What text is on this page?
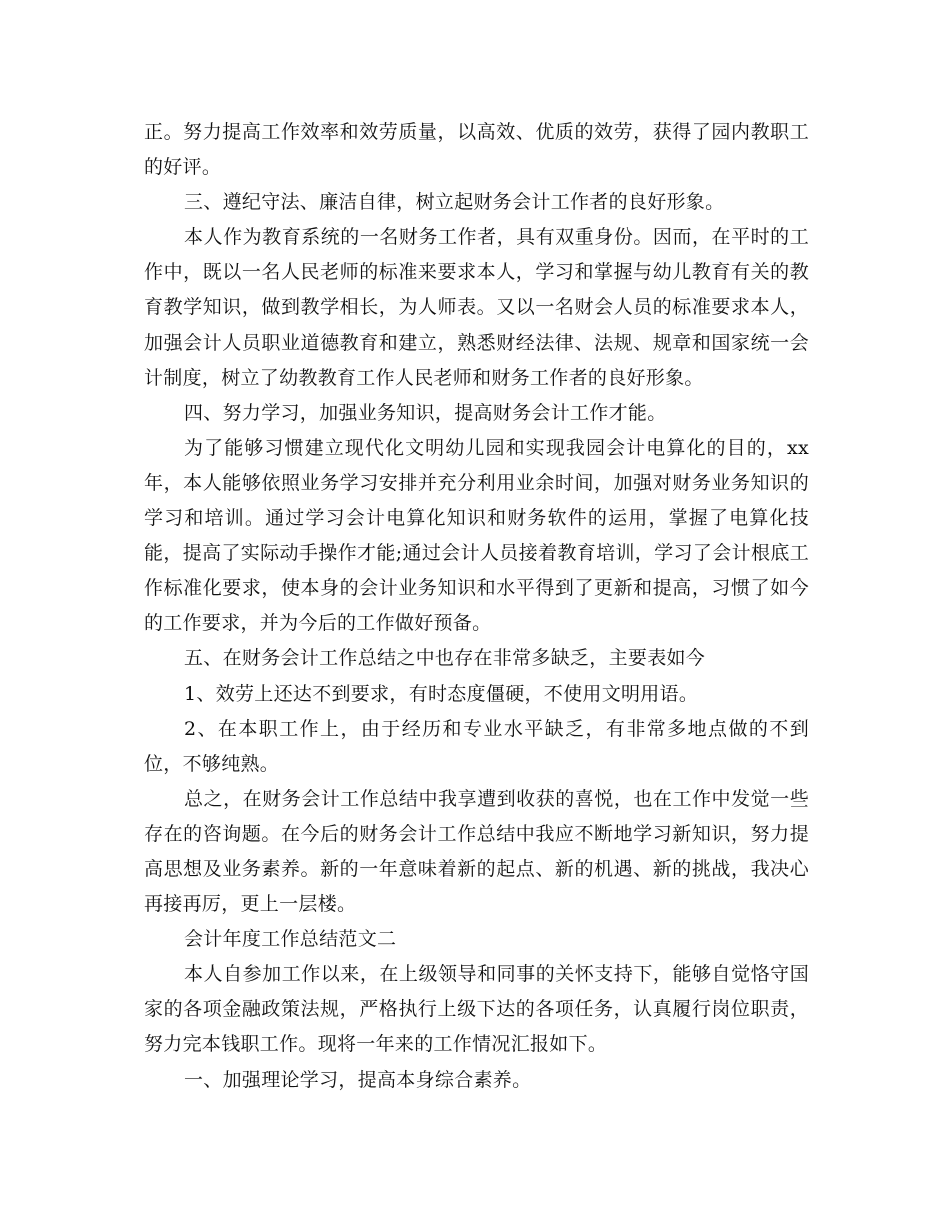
正。努力提高工作效率和效劳质量，以高效、优质的效劳，获得了园内教职工的好评。

三、遵纪守法、廉洁自律，树立起财务会计工作者的良好形象。

本人作为教育系统的一名财务工作者，具有双重身份。因而，在平时的工作中，既以一名人民老师的标准来要求本人，学习和掌握与幼儿教育有关的教育教学知识，做到教学相长，为人师表。又以一名财会人员的标准要求本人，加强会计人员职业道德教育和建立，熟悉财经法律、法规、规章和国家统一会计制度，树立了幼教教育工作人民老师和财务工作者的良好形象。

四、努力学习，加强业务知识，提高财务会计工作才能。

为了能够习惯建立现代化文明幼儿园和实现我园会计电算化的目的，xx年，本人能够依照业务学习安排并充分利用业余时间，加强对财务业务知识的学习和培训。通过学习会计电算化知识和财务软件的运用，掌握了电算化技能，提高了实际动手操作才能;通过会计人员接着教育培训，学习了会计根底工作标准化要求，使本身的会计业务知识和水平得到了更新和提高，习惯了如今的工作要求，并为今后的工作做好预备。

五、在财务会计工作总结之中也存在非常多缺乏，主要表如今

1、效劳上还达不到要求，有时态度僵硬，不使用文明用语。

2、在本职工作上，由于经历和专业水平缺乏，有非常多地点做的不到位，不够纯熟。

总之，在财务会计工作总结中我享遭到收获的喜悦，也在工作中发觉一些存在的咨询题。在今后的财务会计工作总结中我应不断地学习新知识，努力提高思想及业务素养。新的一年意味着新的起点、新的机遇、新的挑战，我决心再接再厉，更上一层楼。

会计年度工作总结范文二

本人自参加工作以来，在上级领导和同事的关怀支持下，能够自觉恪守国家的各项金融政策法规，严格执行上级下达的各项任务，认真履行岗位职责，努力完本钱职工作。现将一年来的工作情况汇报如下。

一、加强理论学习，提高本身综合素养。
